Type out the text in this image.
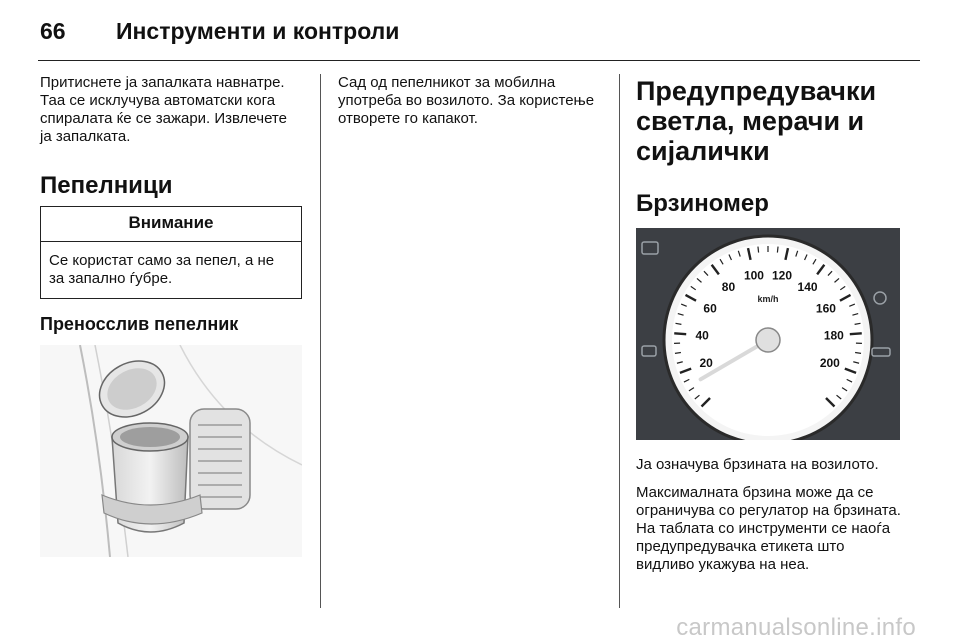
66	Инструменти и контроли

Притиснете ја запалката навнатре. Таа се исклучува автоматски кога спиралата ќе се зажари. Извлечете ја запалката.

Пепелници
Внимание
Се користат само за пепел, а не за запално ѓубре.
Преносслив пепелник

Сад од пепелникот за мобилна употреба во возилото. За користење отворете го капакот.

Предупредувачки светла, мерачи и сијалички
Брзиномер
20
40
60
80
100 120
140
160
180
200
km/h

Ја означува брзината на возилото.

Максималната брзина може да се ограничува со регулатор на брзината. На таблата со инструменти се наоѓа предупредувачка етикета што видливо укажува на неа.

carmanualsonline.info
